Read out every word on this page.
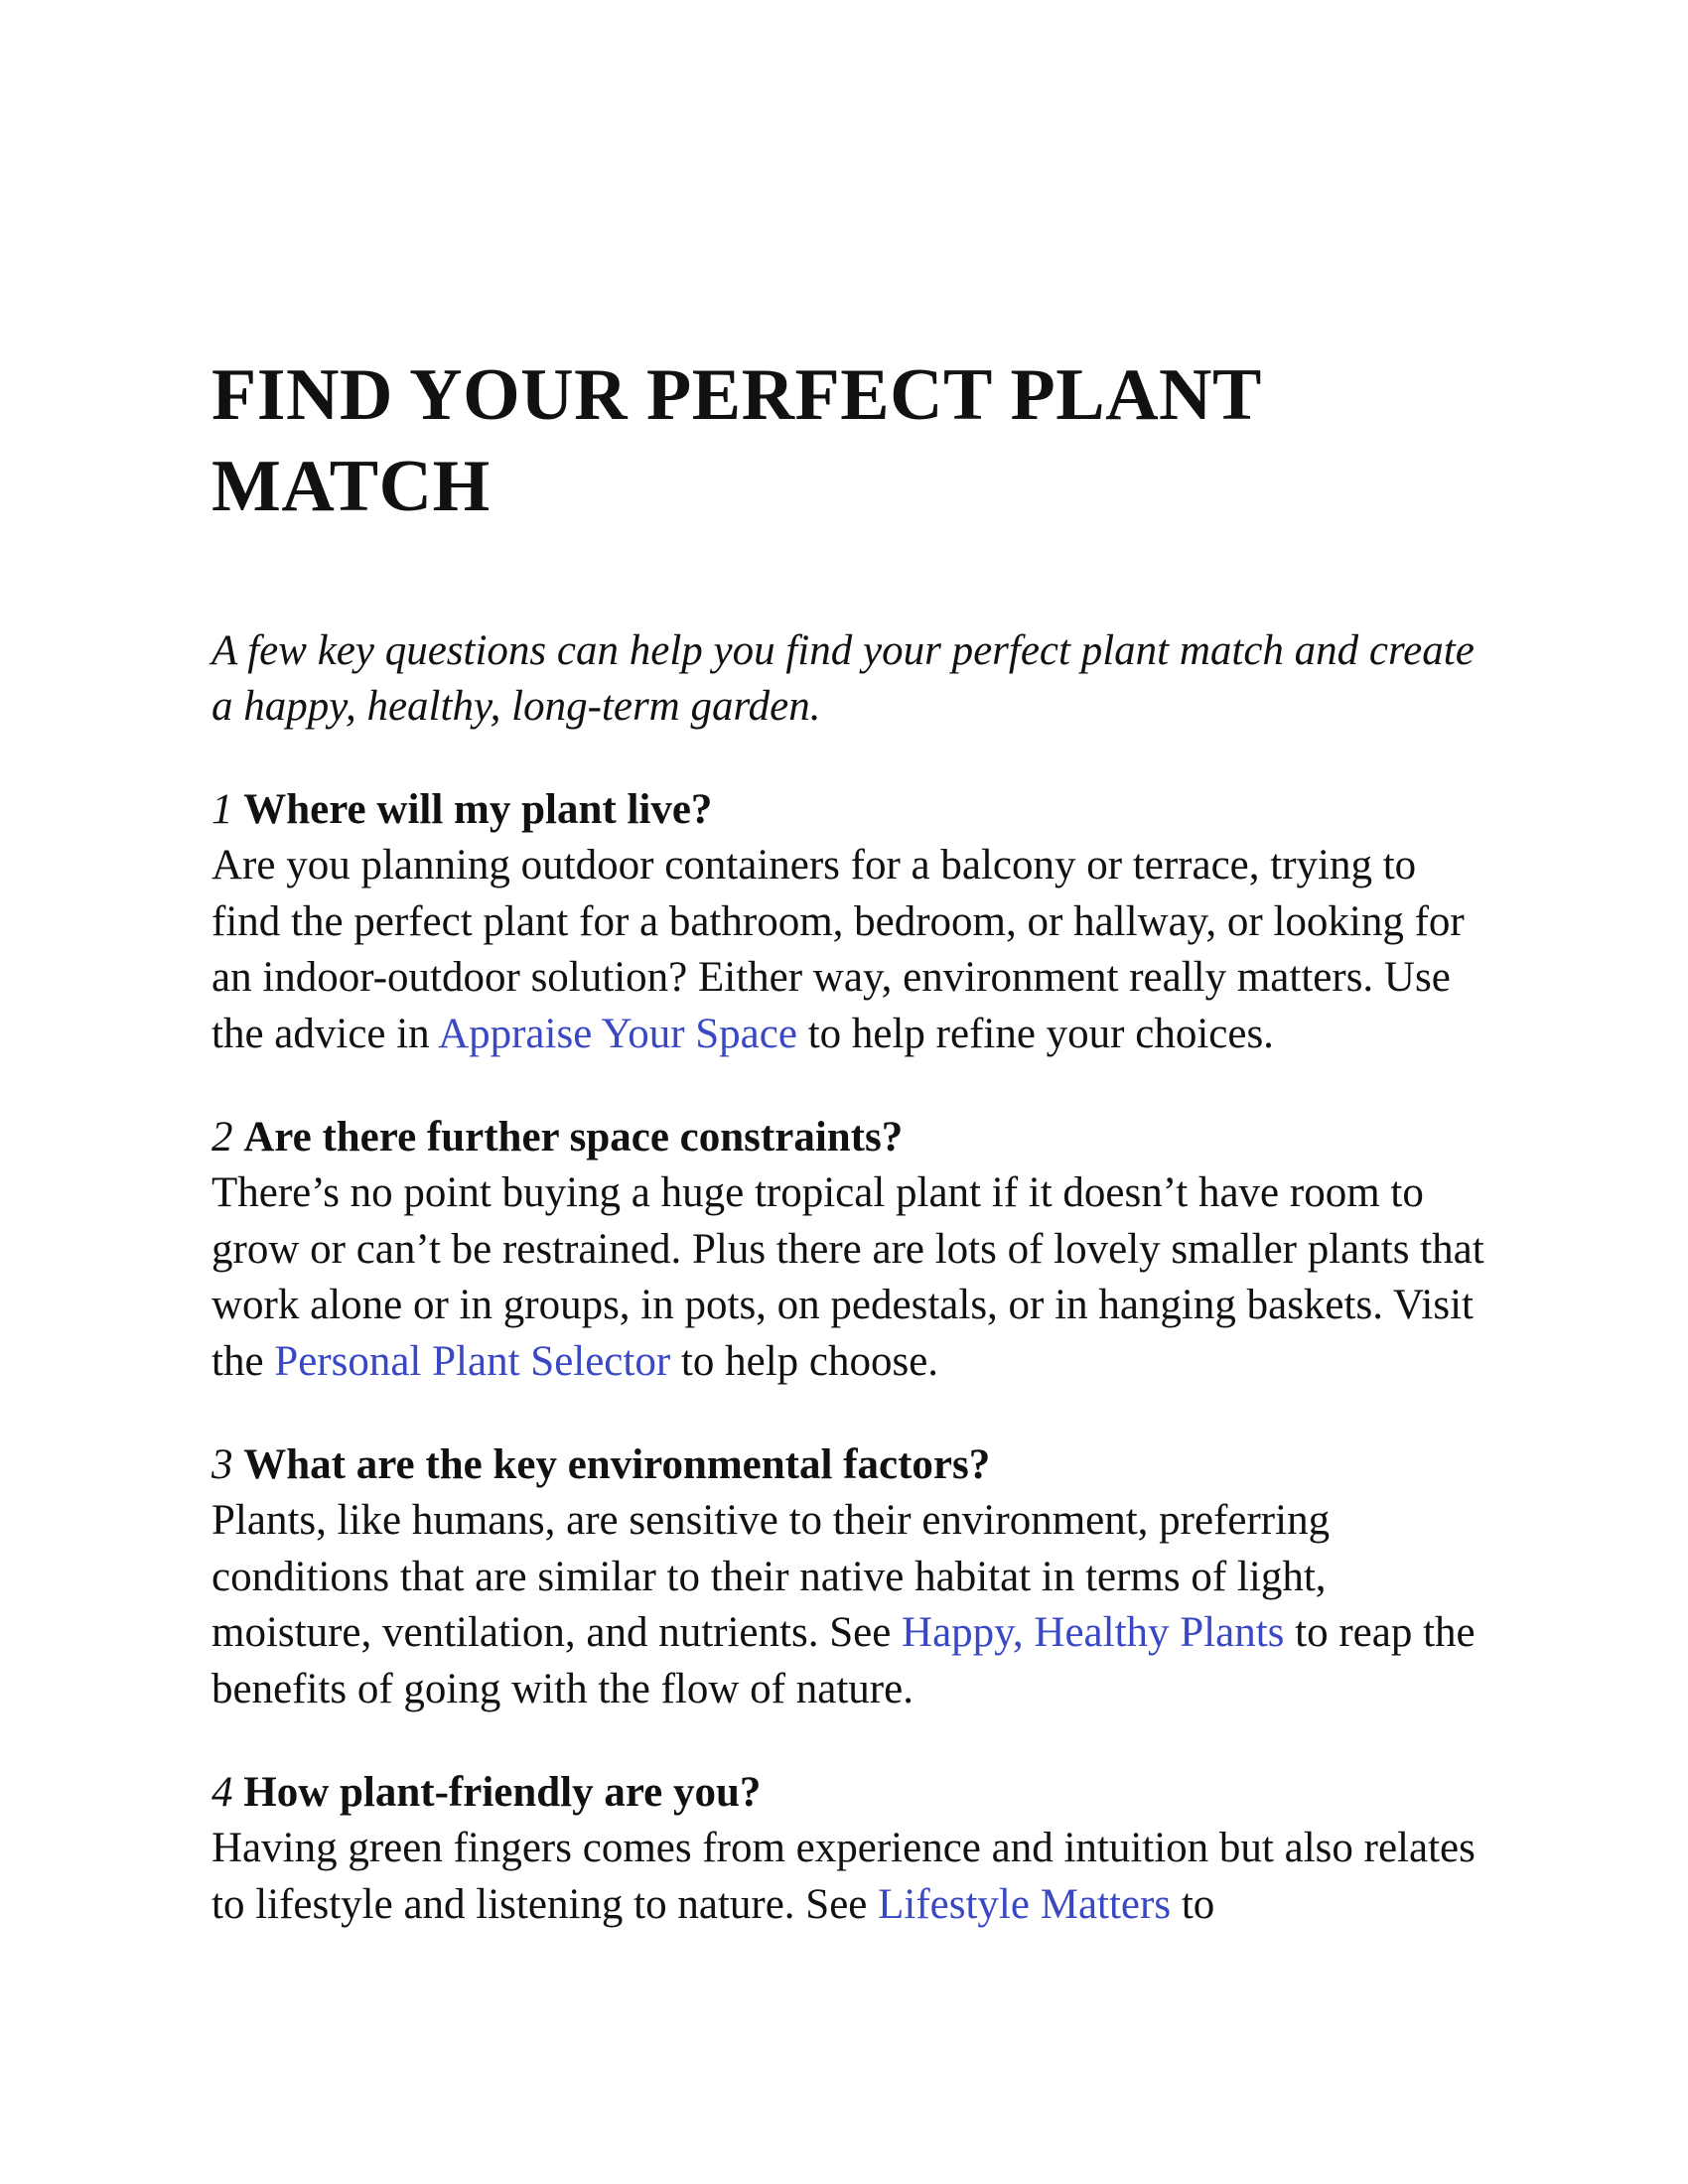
FIND YOUR PERFECT PLANT MATCH

A few key questions can help you find your perfect plant match and create a happy, healthy, long-term garden.

1 Where will my plant live?

Are you planning outdoor containers for a balcony or terrace, trying to find the perfect plant for a bathroom, bedroom, or hallway, or looking for an indoor-outdoor solution? Either way, environment really matters. Use the advice in Appraise Your Space to help refine your choices.

2 Are there further space constraints?

There’s no point buying a huge tropical plant if it doesn’t have room to grow or can’t be restrained. Plus there are lots of lovely smaller plants that work alone or in groups, in pots, on pedestals, or in hanging baskets. Visit the Personal Plant Selector to help choose.

3 What are the key environmental factors?

Plants, like humans, are sensitive to their environment, preferring conditions that are similar to their native habitat in terms of light, moisture, ventilation, and nutrients. See Happy, Healthy Plants to reap the benefits of going with the flow of nature.

4 How plant-friendly are you?

Having green fingers comes from experience and intuition but also relates to lifestyle and listening to nature. See Lifestyle Matters to
